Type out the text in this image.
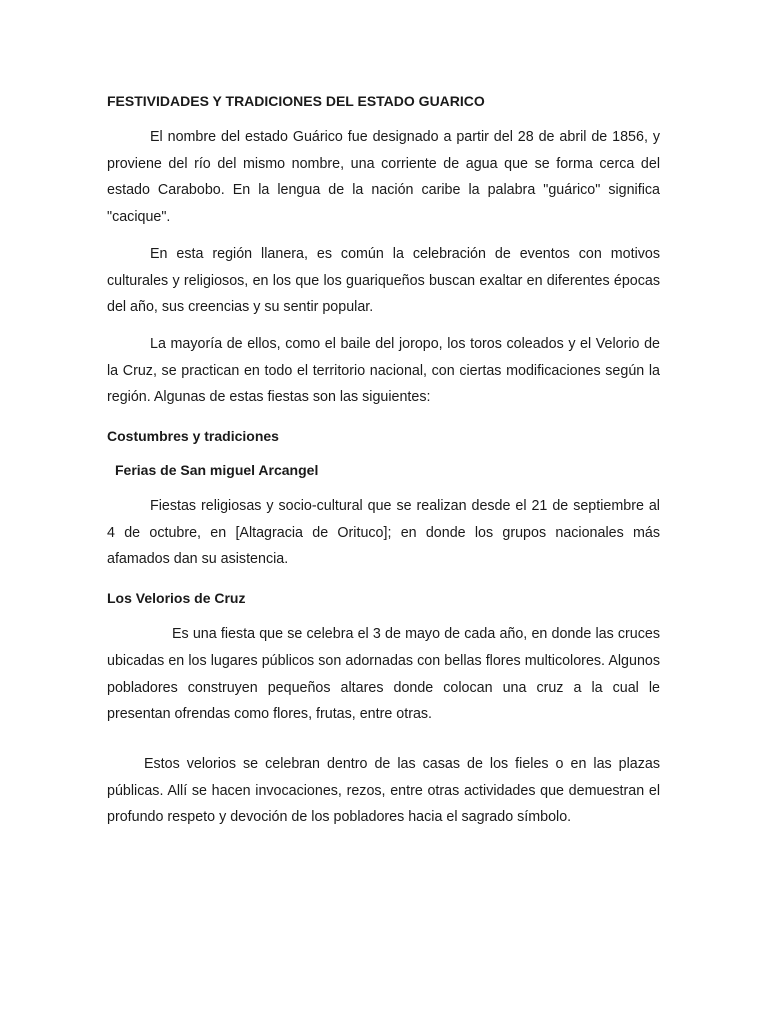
FESTIVIDADES Y TRADICIONES DEL ESTADO GUARICO

El nombre del estado Guárico fue designado a partir del 28 de abril de 1856, y proviene del río del mismo nombre, una corriente de agua que se forma cerca del estado Carabobo. En la lengua de la nación caribe la palabra "guárico" significa "cacique".

En esta región llanera, es común la celebración de eventos con motivos culturales y religiosos, en los que los guariqueños buscan exaltar en diferentes épocas del año, sus creencias y su sentir popular.

La mayoría de ellos, como el baile del joropo, los toros coleados y el Velorio de la Cruz, se practican en todo el territorio nacional, con ciertas modificaciones según la región. Algunas de estas fiestas son las siguientes:

Costumbres y tradiciones
Ferias de San miguel Arcangel

Fiestas religiosas y socio-cultural que se realizan desde el 21 de septiembre al 4 de octubre, en [Altagracia de Orituco]; en donde los grupos nacionales más afamados dan su asistencia.

Los Velorios de Cruz

Es una fiesta que se celebra el 3 de mayo de cada año, en donde las cruces ubicadas en los lugares públicos son adornadas con bellas flores multicolores. Algunos pobladores construyen pequeños altares donde colocan una cruz a la cual le presentan ofrendas como flores, frutas, entre otras.

Estos velorios se celebran dentro de las casas de los fieles o en las plazas públicas. Allí se hacen invocaciones, rezos, entre otras actividades que demuestran el profundo respeto y devoción de los pobladores hacia el sagrado símbolo.
